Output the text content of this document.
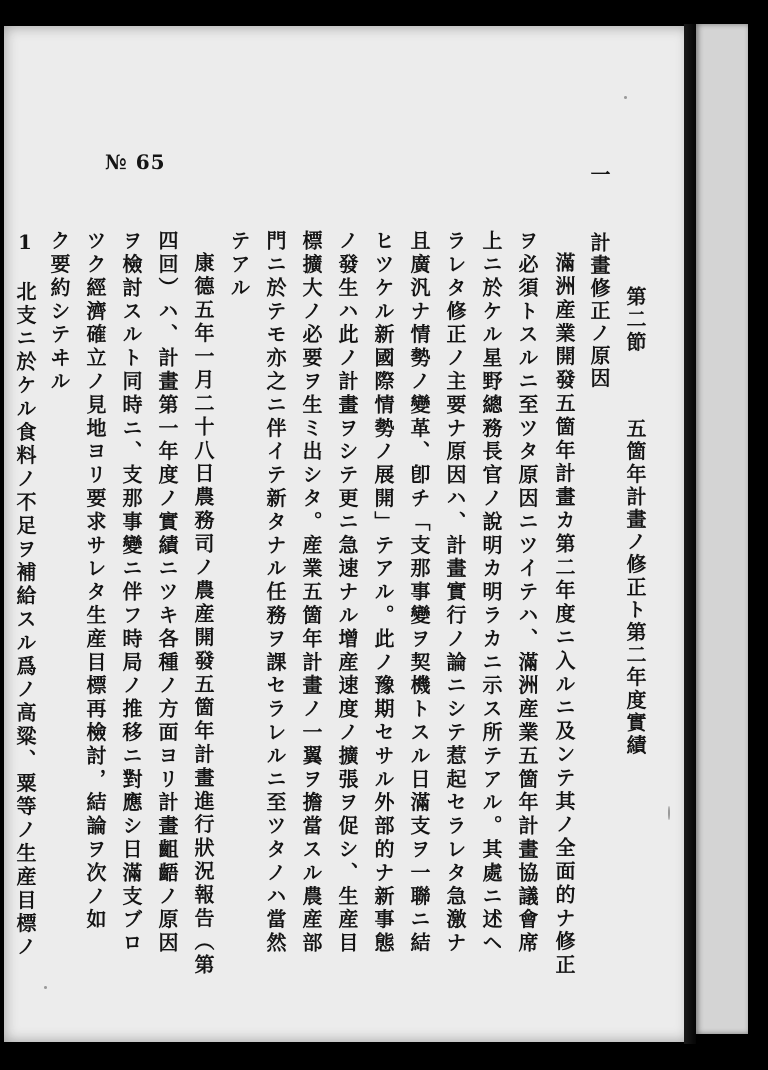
№ 65	一
第二節
五箇年計畫ノ修正ト第二年度實績
計畫修正ノ原因
滿洲産業開發五箇年計畫カ第二年度ニ入ルニ及ンテ其ノ全面的ナ修正
ヲ必須トスルニ至ツタ原因ニツイテハ、滿洲産業五箇年計畫協議會席
上ニ於ケル星野總務長官ノ說明カ明ラカニ示ス所テアル。其處ニ述ヘ
ラレタ修正ノ主要ナ原因ハ、計畫實行ノ論ニシテ惹起セラレタ急激ナ
且廣汎ナ情勢ノ變革、卽チ「支那事變ヲ契機トスル日滿支ヲ一聯ニ結
ヒツケル新國際情勢ノ展開」テアル。此ノ豫期セサル外部的ナ新事態
ノ發生ハ此ノ計畫ヲシテ更ニ急速ナル增産速度ノ擴張ヲ促シ、生産目
標擴大ノ必要ヲ生ミ出シタ。産業五箇年計畫ノ一翼ヲ擔當スル農産部
門ニ於テモ亦之ニ伴イテ新タナル任務ヲ課セラレルニ至ツタノハ當然
テアル
康德五年一月二十八日農務司ノ農産開發五箇年計畫進行狀況報告（第
四回）ハ、計畫第一年度ノ實績ニツキ各種ノ方面ヨリ計畫齟齬ノ原因
ヲ檢討スルト同時ニ、支那事變ニ伴フ時局ノ推移ニ對應シ日滿支ブロ
ツク經濟確立ノ見地ヨリ要求サレタ生産目標再檢討，結論ヲ次ノ如
ク要約シテヰル
1　北支ニ於ケル食料ノ不足ヲ補給スル爲ノ高粱、粟等ノ生産目標ノ
